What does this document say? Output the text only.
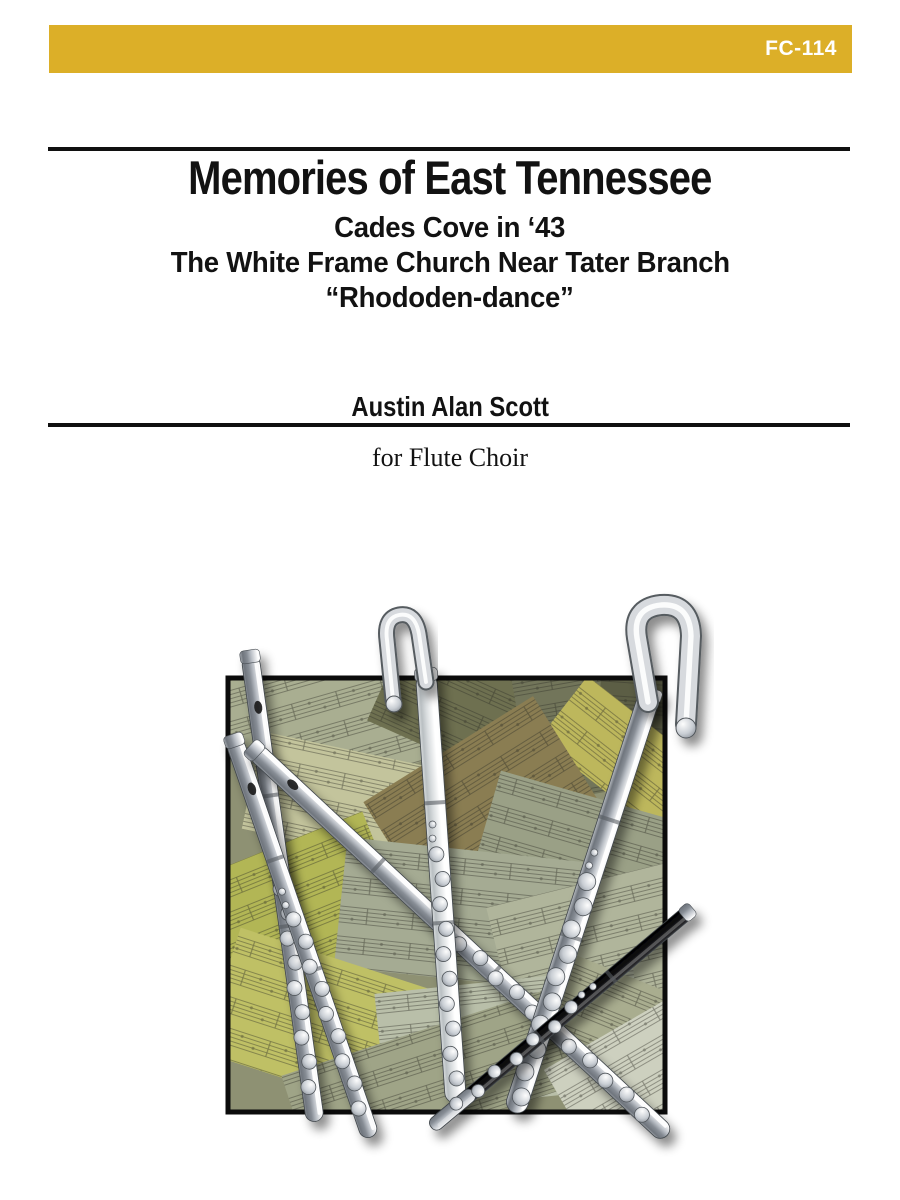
FC-114
Memories of East Tennessee
Cades Cove in ‘43
The White Frame Church Near Tater Branch
“Rhododen-dance”
Austin Alan Scott
for Flute Choir
